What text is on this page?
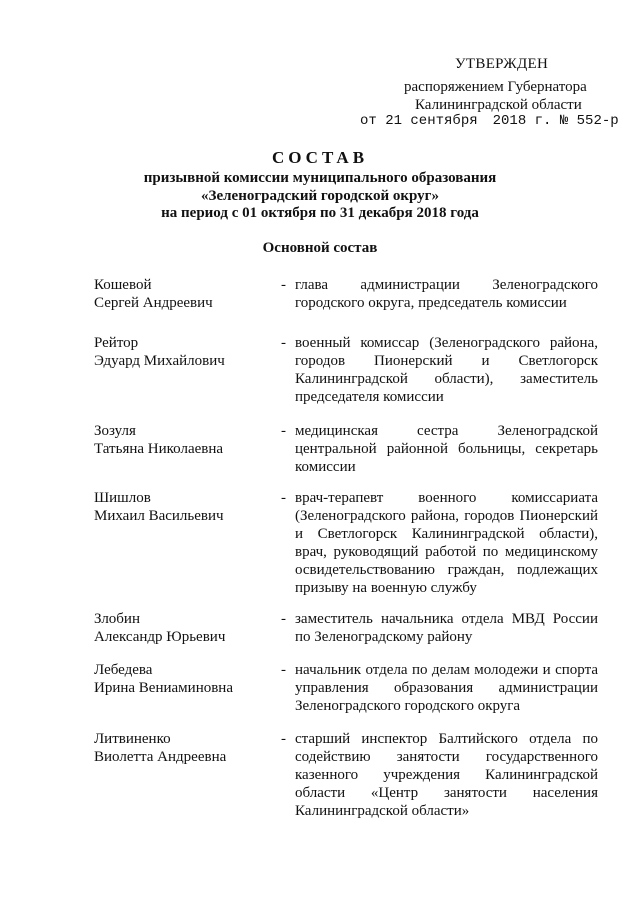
УТВЕРЖДЕН
распоряжением Губернатора
Калининградской области
от 21 сентября 2018 г. № 552-р
СОСТАВ
призывной комиссии муниципального образования
«Зеленоградский городской округ»
на период с 01 октября по 31 декабря 2018 года
Основной состав
Кошевой
Сергей Андреевич
- глава администрации Зеленоградского городского округа, председатель комиссии
Рейтор
Эдуард Михайлович
- военный комиссар (Зеленоградского района, городов Пионерский и Светлогорск Калининградской области), заместитель председателя комиссии
Зозуля
Татьяна Николаевна
- медицинская сестра Зеленоградской центральной районной больницы, секретарь комиссии
Шишлов
Михаил Васильевич
- врач-терапевт военного комиссариата (Зеленоградского района, городов Пионерский и Светлогорск Калининградской области), врач, руководящий работой по медицинскому освидетельствованию граждан, подлежащих призыву на военную службу
Злобин
Александр Юрьевич
- заместитель начальника отдела МВД России по Зеленоградскому району
Лебедева
Ирина Вениаминовна
- начальник отдела по делам молодежи и спорта управления образования администрации Зеленоградского городского округа
Литвиненко
Виолетта Андреевна
- старший инспектор Балтийского отдела по содействию занятости государственного казенного учреждения Калининградской области «Центр занятости населения Калининградской области»
